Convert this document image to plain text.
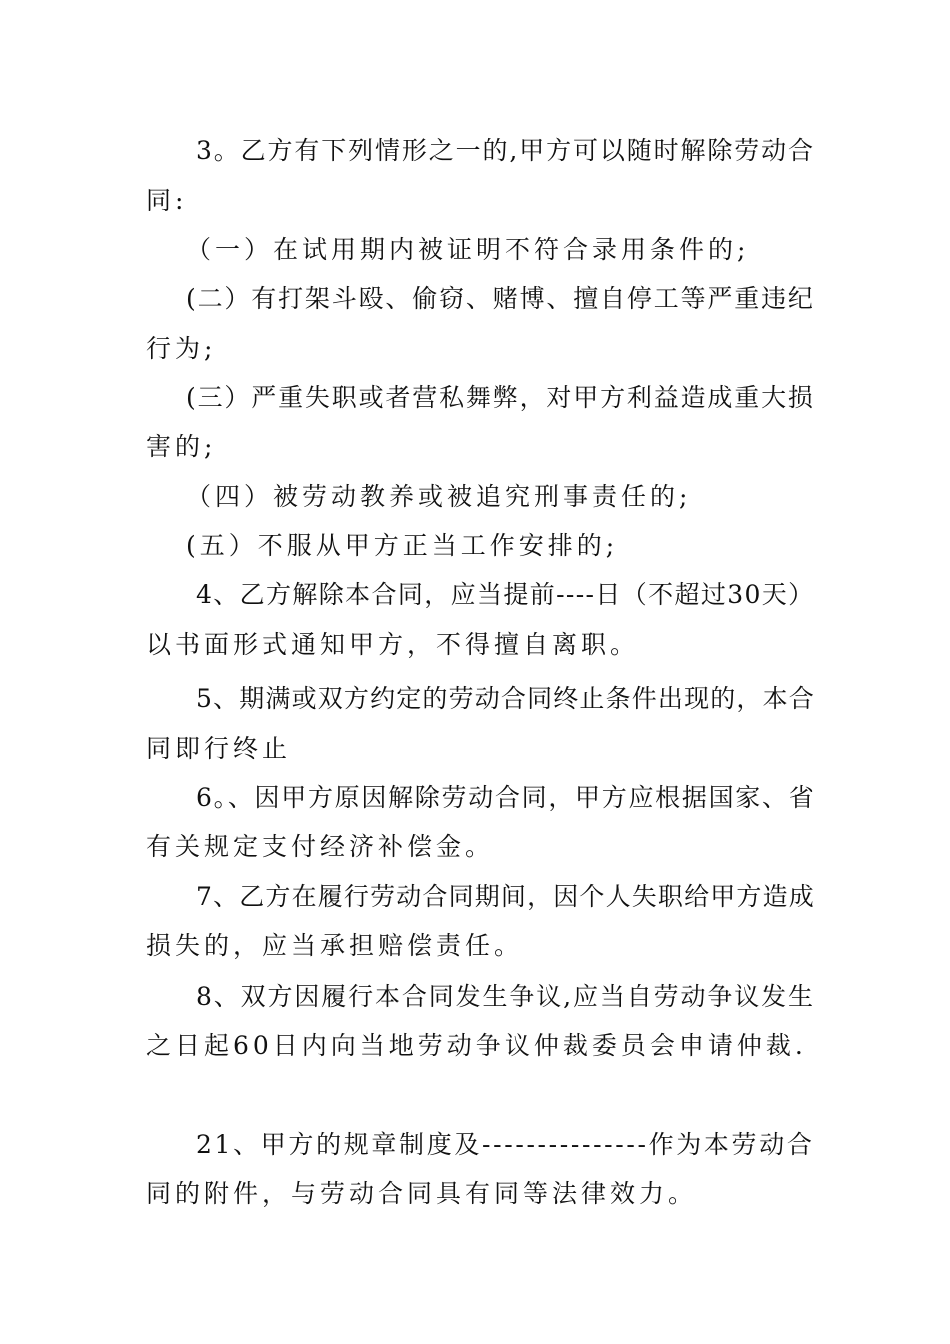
3。乙方有下列情形之一的,甲方可以随时解除劳动合
同:
（一）在试用期内被证明不符合录用条件的;
(二）有打架斗殴、偷窃、赌博、擅自停工等严重违纪
行为;
(三）严重失职或者营私舞弊，对甲方利益造成重大损
害的;
（四）被劳动教养或被追究刑事责任的;
(五）不服从甲方正当工作安排的;
4、乙方解除本合同，应当提前----日（不超过30天）
以书面形式通知甲方，不得擅自离职。
5、期满或双方约定的劳动合同终止条件出现的，本合
同即行终止
6。、因甲方原因解除劳动合同，甲方应根据国家、省
有关规定支付经济补偿金。
7、乙方在履行劳动合同期间，因个人失职给甲方造成
损失的，应当承担赔偿责任。
8、双方因履行本合同发生争议,应当自劳动争议发生
之日起60日内向当地劳动争议仲裁委员会申请仲裁.
21、甲方的规章制度及---------------作为本劳动合
同的附件，与劳动合同具有同等法律效力。
